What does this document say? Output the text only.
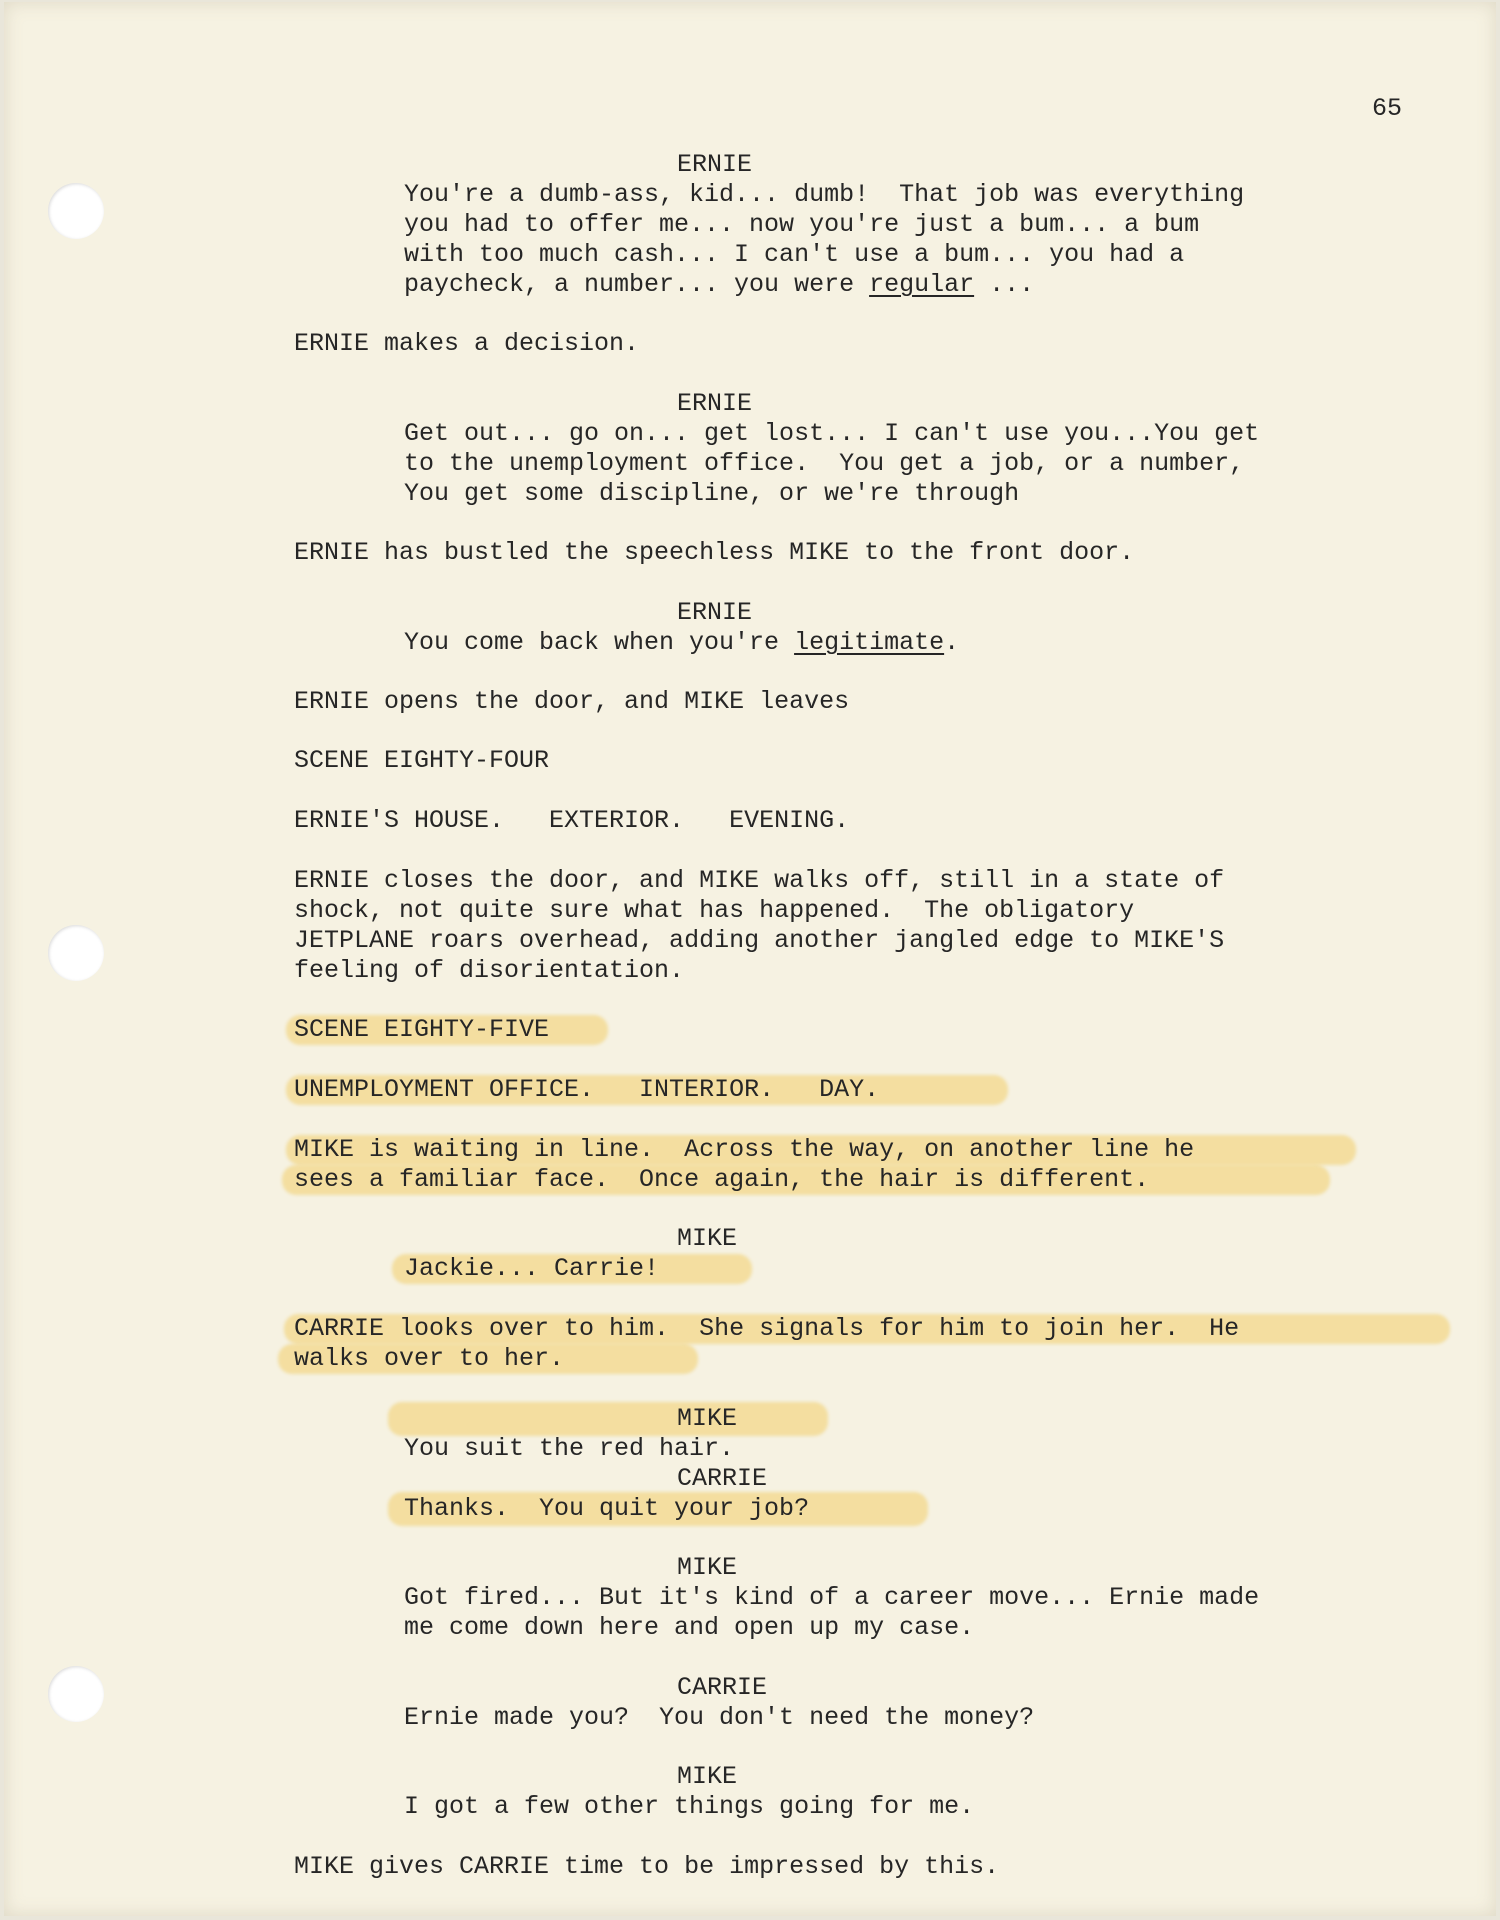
65

ERNIE

You're a dumb-ass, kid... dumb!  That job was everything

you had to offer me... now you're just a bum... a bum

with too much cash... I can't use a bum... you had a

paycheck, a number... you were regular ...

ERNIE makes a decision.

ERNIE

Get out... go on... get lost... I can't use you...You get

to the unemployment office.  You get a job, or a number,

You get some discipline, or we're through

ERNIE has bustled the speechless MIKE to the front door.

ERNIE

You come back when you're legitimate.

ERNIE opens the door, and MIKE leaves

SCENE EIGHTY-FOUR

ERNIE'S HOUSE.   EXTERIOR.   EVENING.

ERNIE closes the door, and MIKE walks off, still in a state of

shock, not quite sure what has happened.  The obligatory

JETPLANE roars overhead, adding another jangled edge to MIKE'S

feeling of disorientation.

SCENE EIGHTY-FIVE

UNEMPLOYMENT OFFICE.   INTERIOR.   DAY.

MIKE is waiting in line.  Across the way, on another line he

sees a familiar face.  Once again, the hair is different.

MIKE

Jackie... Carrie!

CARRIE looks over to him.  She signals for him to join her.  He

walks over to her.

MIKE

You suit the red hair.

CARRIE

Thanks.  You quit your job?

MIKE

Got fired... But it's kind of a career move... Ernie made

me come down here and open up my case.

CARRIE

Ernie made you?  You don't need the money?

MIKE

I got a few other things going for me.

MIKE gives CARRIE time to be impressed by this.
